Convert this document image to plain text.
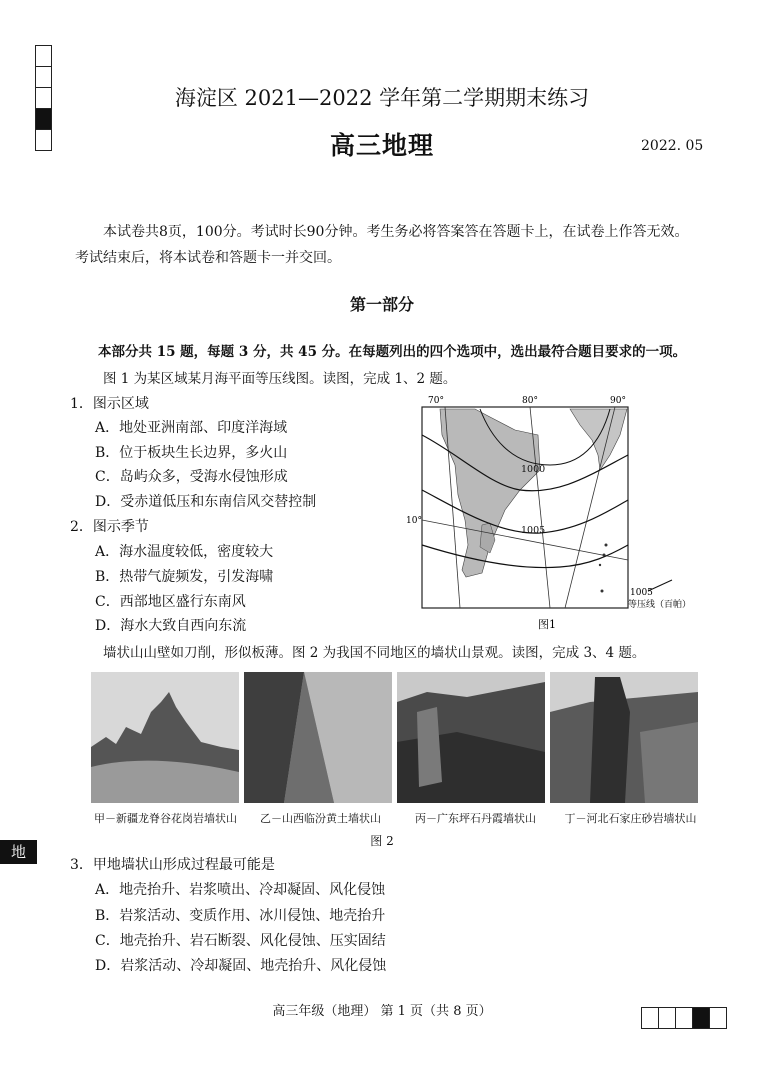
海淀区 2021—2022 学年第二学期期末练习
高三地理	2022. 05
本试卷共8页，100分。考试时长90分钟。考生务必将答案答在答题卡上，在试卷上作答无效。考试结束后，将本试卷和答题卡一并交回。
第一部分
本部分共 15 题，每题 3 分，共 45 分。在每题列出的四个选项中，选出最符合题目要求的一项。
图 1 为某区域某月海平面等压线图。读图，完成 1、2 题。
1．图示区域
A．地处亚洲南部、印度洋海域
B．位于板块生长边界，多火山
C．岛屿众多，受海水侵蚀形成
D．受赤道低压和东南信风交替控制
2．图示季节
A．海水温度较低，密度较大
B．热带气旋频发，引发海啸
C．西部地区盛行东南风
D．海水大致自西向东流
70°	80°	90°
10°
1000
1005
1005
等压线（百帕）
图1
墙状山山壁如刀削，形似板薄。图 2 为我国不同地区的墙状山景观。读图，完成 3、4 题。
甲－新疆龙脊谷花岗岩墙状山	乙－山西临汾黄土墙状山	丙－广东坪石丹霞墙状山	丁－河北石家庄砂岩墙状山
图 2
地
3．甲地墙状山形成过程最可能是
A．地壳抬升、岩浆喷出、冷却凝固、风化侵蚀
B．岩浆活动、变质作用、冰川侵蚀、地壳抬升
C．地壳抬升、岩石断裂、风化侵蚀、压实固结
D．岩浆活动、冷却凝固、地壳抬升、风化侵蚀
高三年级（地理） 第 1 页（共 8 页）
